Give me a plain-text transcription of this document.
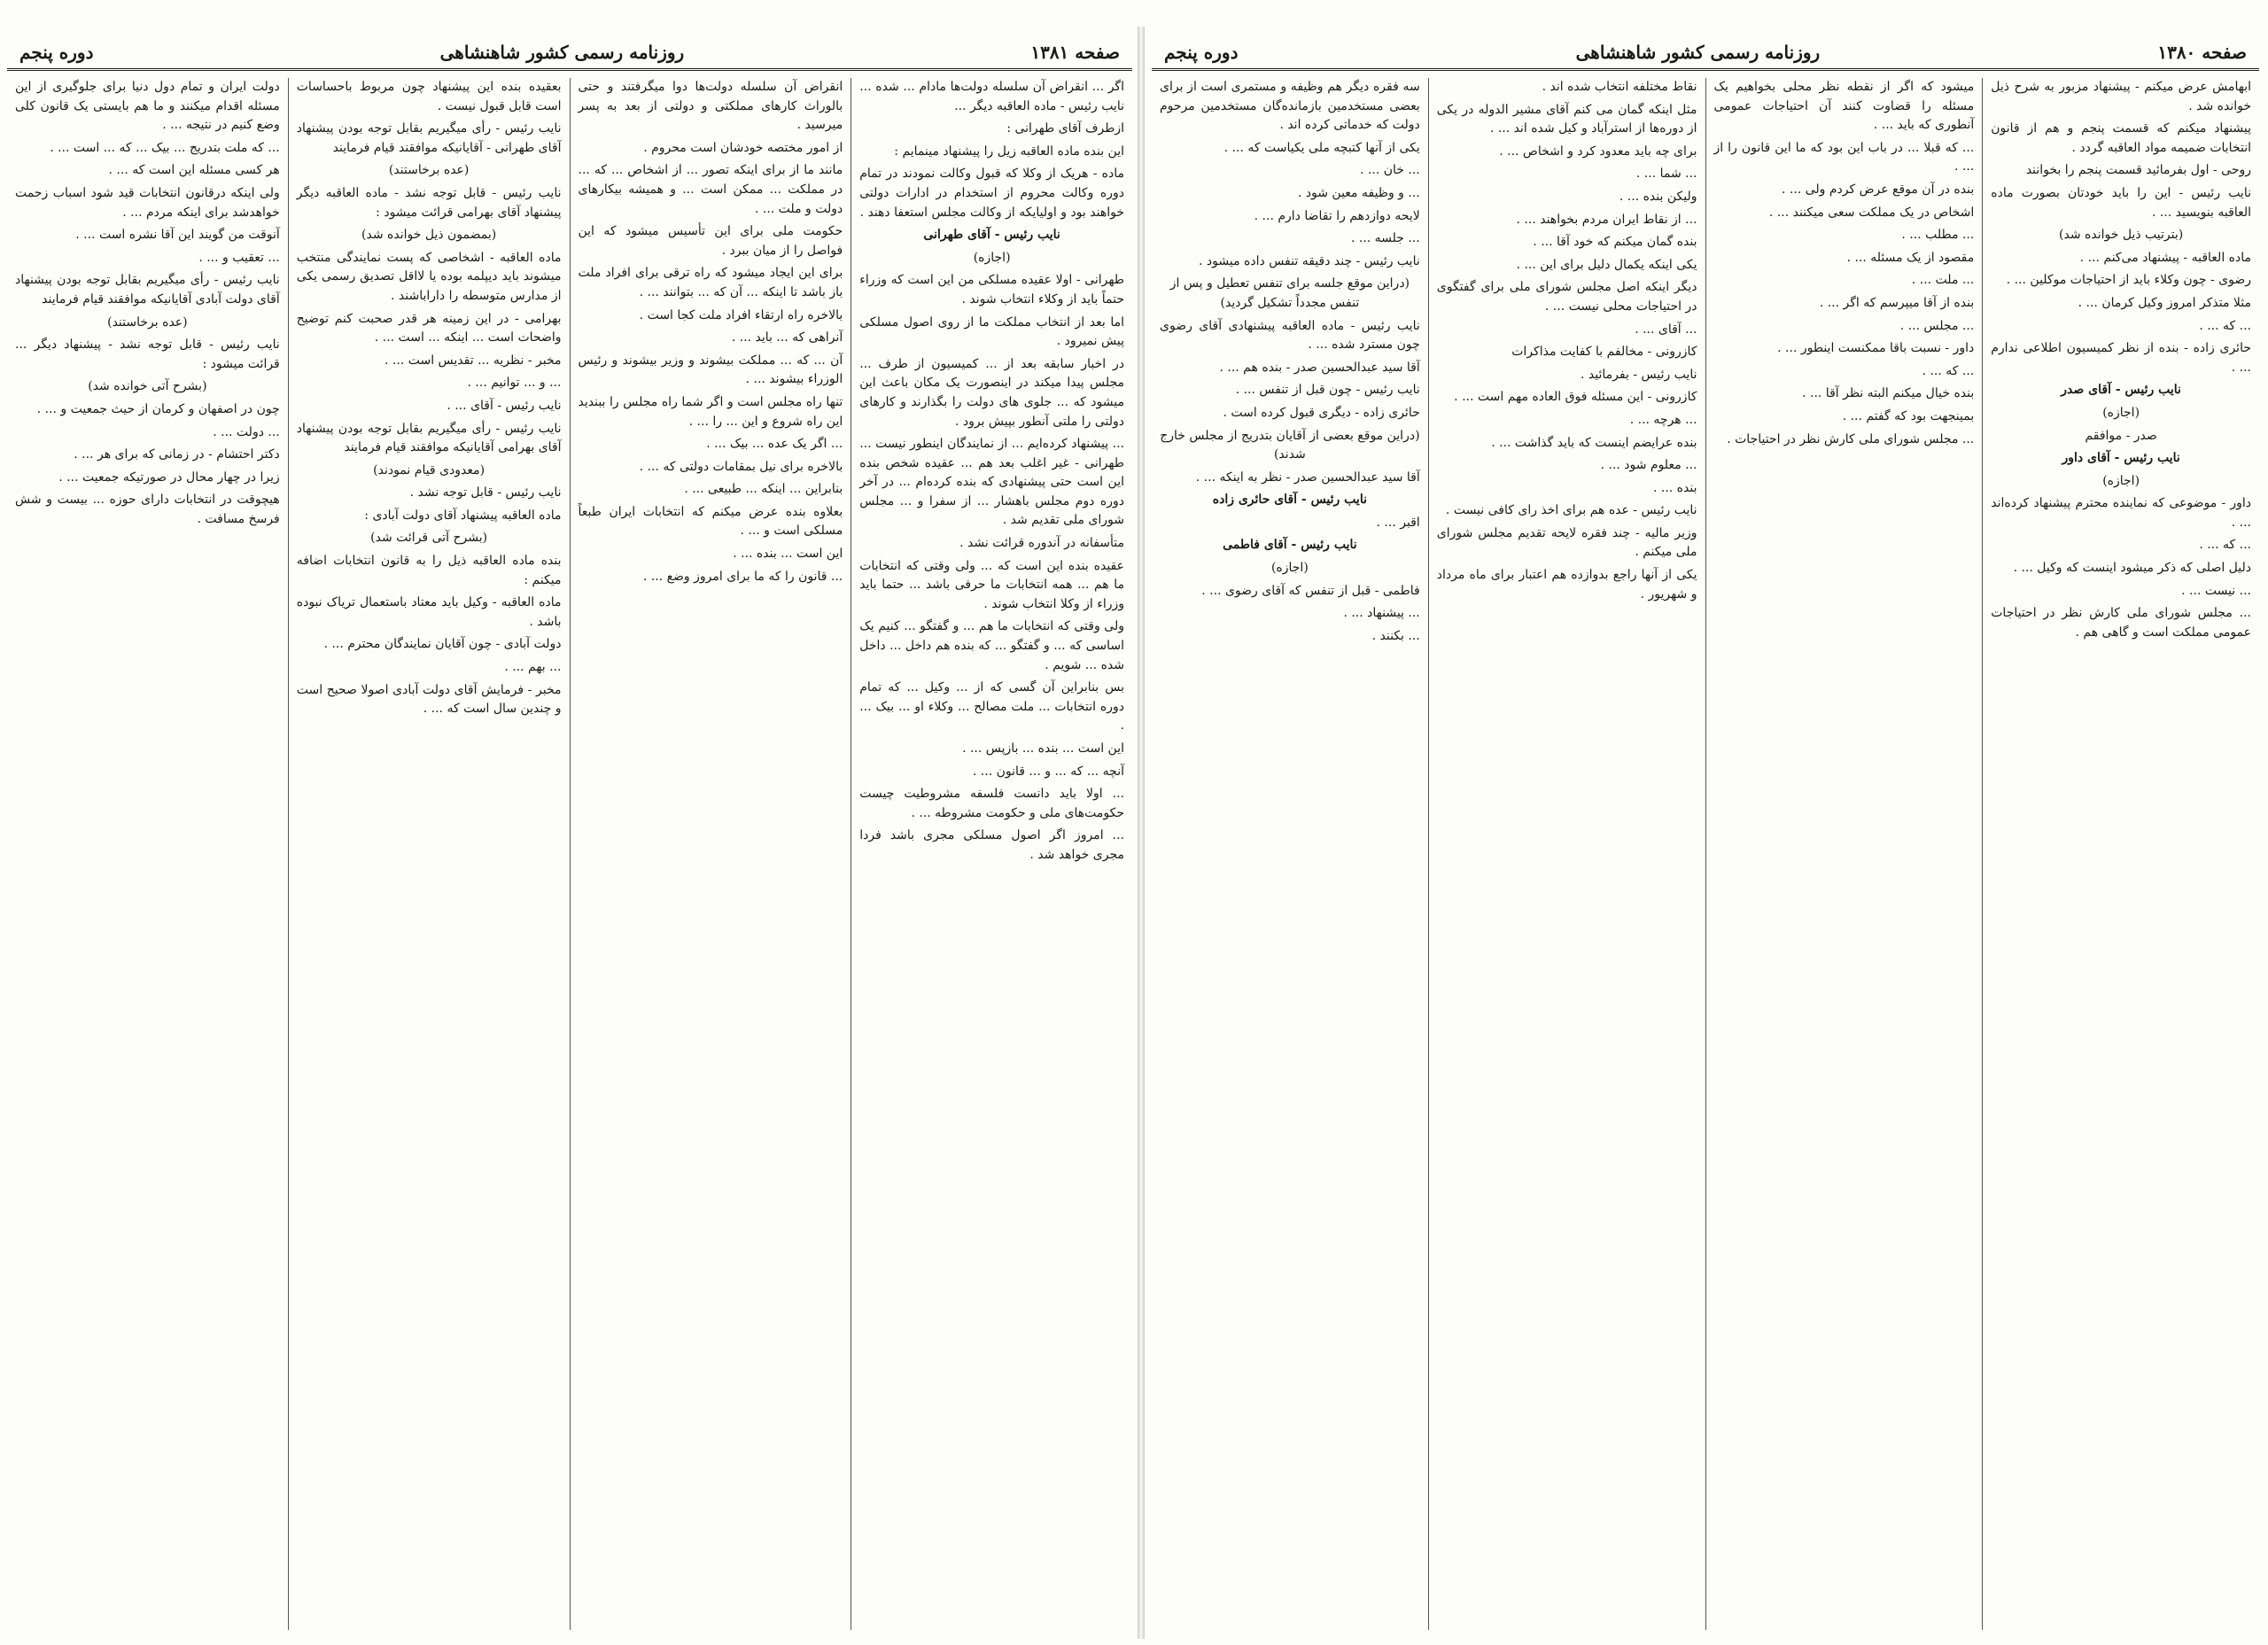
صفحه ۱۳۸۱
روزنامه رسمی کشور شاهنشاهی
دوره پنجم

اگر ... انقراض آن سلسله دولت‌ها مادام ... شده ... نایب رئیس - ماده العاقبه دیگر ...

ازطرف آقای طهرانی :

این بنده ماده العاقبه زیل را پیشنهاد مینمایم :

ماده - هریک از وکلا که قبول وکالت نمودند در تمام دوره وکالت محروم از استخدام در ادارات دولتی خواهند بود و اولیایکه از وکالت مجلس استعفا دهند .

نایب رئیس - آقای طهرانی

(اجازه)

طهرانی - اولا عقیده مسلکی من این است که وزراء حتماً باید از وکلاء انتخاب شوند .

اما بعد از انتخاب مملکت ما از روی اصول مسلکی پیش نمیرود .

در اخبار سابقه بعد از ... کمیسیون از طرف ... مجلس پیدا میکند در اینصورت یک مکان باعث این میشود که ... جلوی های دولت را بگذارند و کارهای دولتی را ملتی آنطور بپیش برود .

... پیشنهاد کرده‌ایم ... از نمایندگان اینطور نیست ... طهرانی - غیر اغلب بعد هم ... عقیده شخص بنده این است حتی پیشنهادی که بنده کرده‌ام ... در آخر دوره دوم مجلس باهشار ... از سفرا و ... مجلس شورای ملی تقدیم شد .

متأسفانه در آندوره قرائت نشد .

عقیده بنده این است که ... ولی وقتی که انتخابات ما هم ... همه انتخابات ما حرفی باشد ... حتما باید وزراء از وکلا انتخاب شوند .

ولی وقتی که انتخابات ما هم ... و گفتگو ... کنیم یک اساسی که ... و گفتگو ... که بنده هم داخل ... داخل شده ... شویم .

بس بنابراین آن گسی که از ... وکیل ... که تمام دوره انتخابات ... ملت مصالح ... وکلاء او ... بیک ... .

این است ... بنده ... بازپس ... .

آنچه ... که ... و ... قانون ... .

... اولا باید دانست فلسفه مشروطیت چیست حکومت‌های ملی و حکومت مشروطه ... .

... امروز اگر اصول مسلکی مجری باشد فردا مجری خواهد شد .

انقراض آن سلسله دولت‌ها دوا میگرفتند و حتی بالوراث کارهای مملکتی و دولتی از بعد به پسر میرسید .

از امور مختصه خودشان است محروم .

مانند ما از برای اینکه تصور ... از اشخاص ... که ... در مملکت ... ممکن است ... و همیشه بیکارهای دولت و ملت ... .

حکومت ملی برای این تأسیس میشود که این فواصل را از میان ببرد .

برای این ایجاد میشود که راه ترقی برای افراد ملت باز باشد تا اینکه ... آن که ... بتوانند ... .

بالاخره راه ارتقاء افراد ملت کجا است .

آنراهی که ... باید ... .

آن ... که ... مملکت بیشوند و وزیر بیشوند و رئیس الوزراء بیشوند ... .

تنها راه مجلس است و اگر شما راه مجلس را ببندید این راه شروع و این ... را ... .

... اگر یک عده ... بیک ... .

بالاخره برای نیل بمقامات دولتی که ... .

بنابراین ... اینکه ... طبیعی ... .

بعلاوه بنده عرض میکنم که انتخابات ایران طبعاً مسلکی است و ... .

این است ... بنده ... .

... قانون را که ما برای امروز وضع ... .

بعقیده بنده این پیشنهاد چون مربوط باحساسات است قابل قبول نیست .

نایب رئیس - رأی میگیریم بقابل توجه بودن پیشنهاد آقای طهرانی - آقایانیکه موافقند قیام فرمایند

(عده برخاستند)

نایب رئیس - قابل توجه نشد - ماده العاقبه دیگر پیشنهاد آقای بهرامی قرائت میشود :

(بمضمون ذیل خوانده شد)

ماده العاقبه - اشخاصی که پست نمایندگی منتخب میشوند باید دیپلمه بوده یا لااقل تصدیق رسمی یکی از مدارس متوسطه را داراباشند .

بهرامی - در این زمینه هر قدر صحبت کنم توضیح واضحات است ... اینکه ... است ... .

مخبر - نظریه ... تقدیس است ... .

... و ... توانیم ... .

نایب رئیس - آقای ... .

نایب رئیس - رأی میگیریم بقابل توجه بودن پیشنهاد آقای بهرامی آقایانیکه موافقند قیام فرمایند

(معدودی قیام نمودند)

نایب رئیس - قابل توجه نشد .

ماده العاقبه پیشنهاد آقای دولت آبادی :

(بشرح آتی قرائت شد)

بنده ماده العاقبه ذیل را به قانون انتخابات اضافه میکنم :

ماده العاقبه - وکیل باید معتاد باستعمال تریاک نبوده باشد .

دولت آبادی - چون آقایان نمایندگان محترم ... .

... بهم ... .

مخبر - فرمایش آقای دولت آبادی اصولا صحیح است و چندین سال است که ... .

دولت ایران و تمام دول دنیا برای جلوگیری از این مسئله اقدام میکنند و ما هم بایستی یک قانون کلی وضع کنیم در نتیجه ... .

... که ملت بتدریج ... بیک ... که ... است ... .

هر کسی مسئله این است که ... .

ولی اینکه درقانون انتخابات قید شود اسباب زحمت خواهدشد برای اینکه مردم ... .

آنوقت من گویند این آقا نشره است ... .

... تعقیب و ... .

نایب رئیس - رأی میگیریم بقابل توجه بودن پیشنهاد آقای دولت آبادی آقایانیکه موافقند قیام فرمایند

(عده برخاستند)

نایب رئیس - قابل توجه نشد - پیشنهاد دیگر ... قرائت میشود :

(بشرح آتی خوانده شد)

چون در اصفهان و کرمان از حیث جمعیت و ... .

... دولت ... .

دکتر احتشام - در زمانی که برای هر ... .

زیرا در چهار محال در صورتیکه جمعیت ... .

هیچوقت در انتخابات دارای حوزه ... بیست و شش فرسخ مسافت .

صفحه ۱۳۸۰
روزنامه رسمی کشور شاهنشاهی
دوره پنجم

ابهامش عرض میکنم - پیشنهاد مزبور به شرح ذیل خوانده شد .

پیشنهاد میکنم که قسمت پنجم و هم از قانون انتخابات ضمیمه مواد العاقبه گردد .

روحی - اول بفرمائید قسمت پنجم را بخوانند

نایب رئیس - این را باید خودتان بصورت ماده العاقبه بنویسید ... .

(بترتیب ذیل خوانده شد)

ماده العاقبه - پیشنهاد می‌کنم ... .

رضوی - چون وکلاء باید از احتیاجات موکلین ... .

مثلا متذکر امروز وکیل کرمان ... .

... که ... .

حائری زاده - بنده از نظر کمیسیون اطلاعی ندارم ... .

نایب رئیس - آقای صدر

(اجازه)

صدر - موافقم

نایب رئیس - آقای داور

(اجازه)

داور - موضوعی که نماینده محترم پیشنهاد کرده‌اند ... .

... که ... .

دلیل اصلی که ذکر میشود اینست که وکیل ... .

... نیست ... .

... مجلس شورای ملی کارش نظر در احتیاجات عمومی مملکت است و گاهی هم .

میشود که اگر از نقطه نظر محلی بخواهیم یک مسئله را قضاوت کنند آن احتیاجات عمومی آنطوری که باید ... .

... که قبلا ... در باب این بود که ما این قانون را از ... .

بنده در آن موقع عرض کردم ولی ... .

اشخاص در یک مملکت سعی میکنند ... .

... مطلب ... .

مقصود از یک مسئله ... .

... ملت ... .

بنده از آقا میپرسم که اگر ... .

... مجلس ... .

داور - نسبت باقا ممکنست اینطور ... .

... که ... .

بنده خیال میکنم البته نظر آقا ... .

بمینجهت بود که گفتم ... .

... مجلس شورای ملی کارش نظر در احتیاجات .

نقاط مختلفه انتخاب شده اند .

مثل اینکه گمان می کنم آقای مشیر الدوله در یکی از دوره‌ها از استرآباد و کیل شده اند ... .

برای چه باید معدود کرد و اشخاص ... .

... شما ... .

ولیکن بنده ... .

... از نقاط ایران مردم بخواهند ... .

بنده گمان میکنم که خود آقا ... .

یکی اینکه یکمال دلیل برای این ... .

دیگر اینکه اصل مجلس شورای ملی برای گفتگوی در احتیاجات محلی نیست ... .

... آقای ... .

کازرونی - مخالفم با کفایت مذاکرات

نایب رئیس - بفرمائید .

کازرونی - این مسئله فوق العاده مهم است ... .

... هرچه ... .

بنده عرایضم اینست که باید گذاشت ... .

... معلوم شود ... .

بنده ... .

نایب رئیس - عده هم برای اخذ رای کافی نیست .

وزیر مالیه - چند فقره لایحه تقدیم مجلس شورای ملی میکنم .

یکی از آنها راجع بدوازده هم اعتبار برای ماه مرداد و شهریور .

سه فقره دیگر هم وظیفه و مستمری است از برای بعضی مستخدمین بازمانده‌گان مستخدمین مرحوم دولت که خدماتی کرده اند .

یکی از آنها کتبچه ملی یکیاست که ... .

... خان ... .

... و وظیفه معین شود .

لایحه دوازدهم را تقاضا دارم ... .

... جلسه ... .

نایب رئیس - چند دقیقه تنفس داده میشود .

(دراین موقع جلسه برای تنفس تعطیل و پس از تنفس مجدداً تشکیل گردید)

نایب رئیس - ماده العاقبه پیشنهادی آقای رضوی چون مسترد شده ... .

آقا سید عبدالحسین صدر - بنده هم ... .

نایب رئیس - چون قبل از تنفس ... .

حائری زاده - دیگری قبول کرده است .

(دراین موقع بعضی از آقایان بتدریج از مجلس خارج شدند)

آقا سید عبدالحسین صدر - نظر به اینکه ... .

نایب رئیس - آقای حائری زاده

اقبر ... .

نایب رئیس - آقای فاطمی

(اجازه)

فاطمی - قبل از تنفس که آقای رضوی ... .

... پیشنهاد ... .

... بکنند .
